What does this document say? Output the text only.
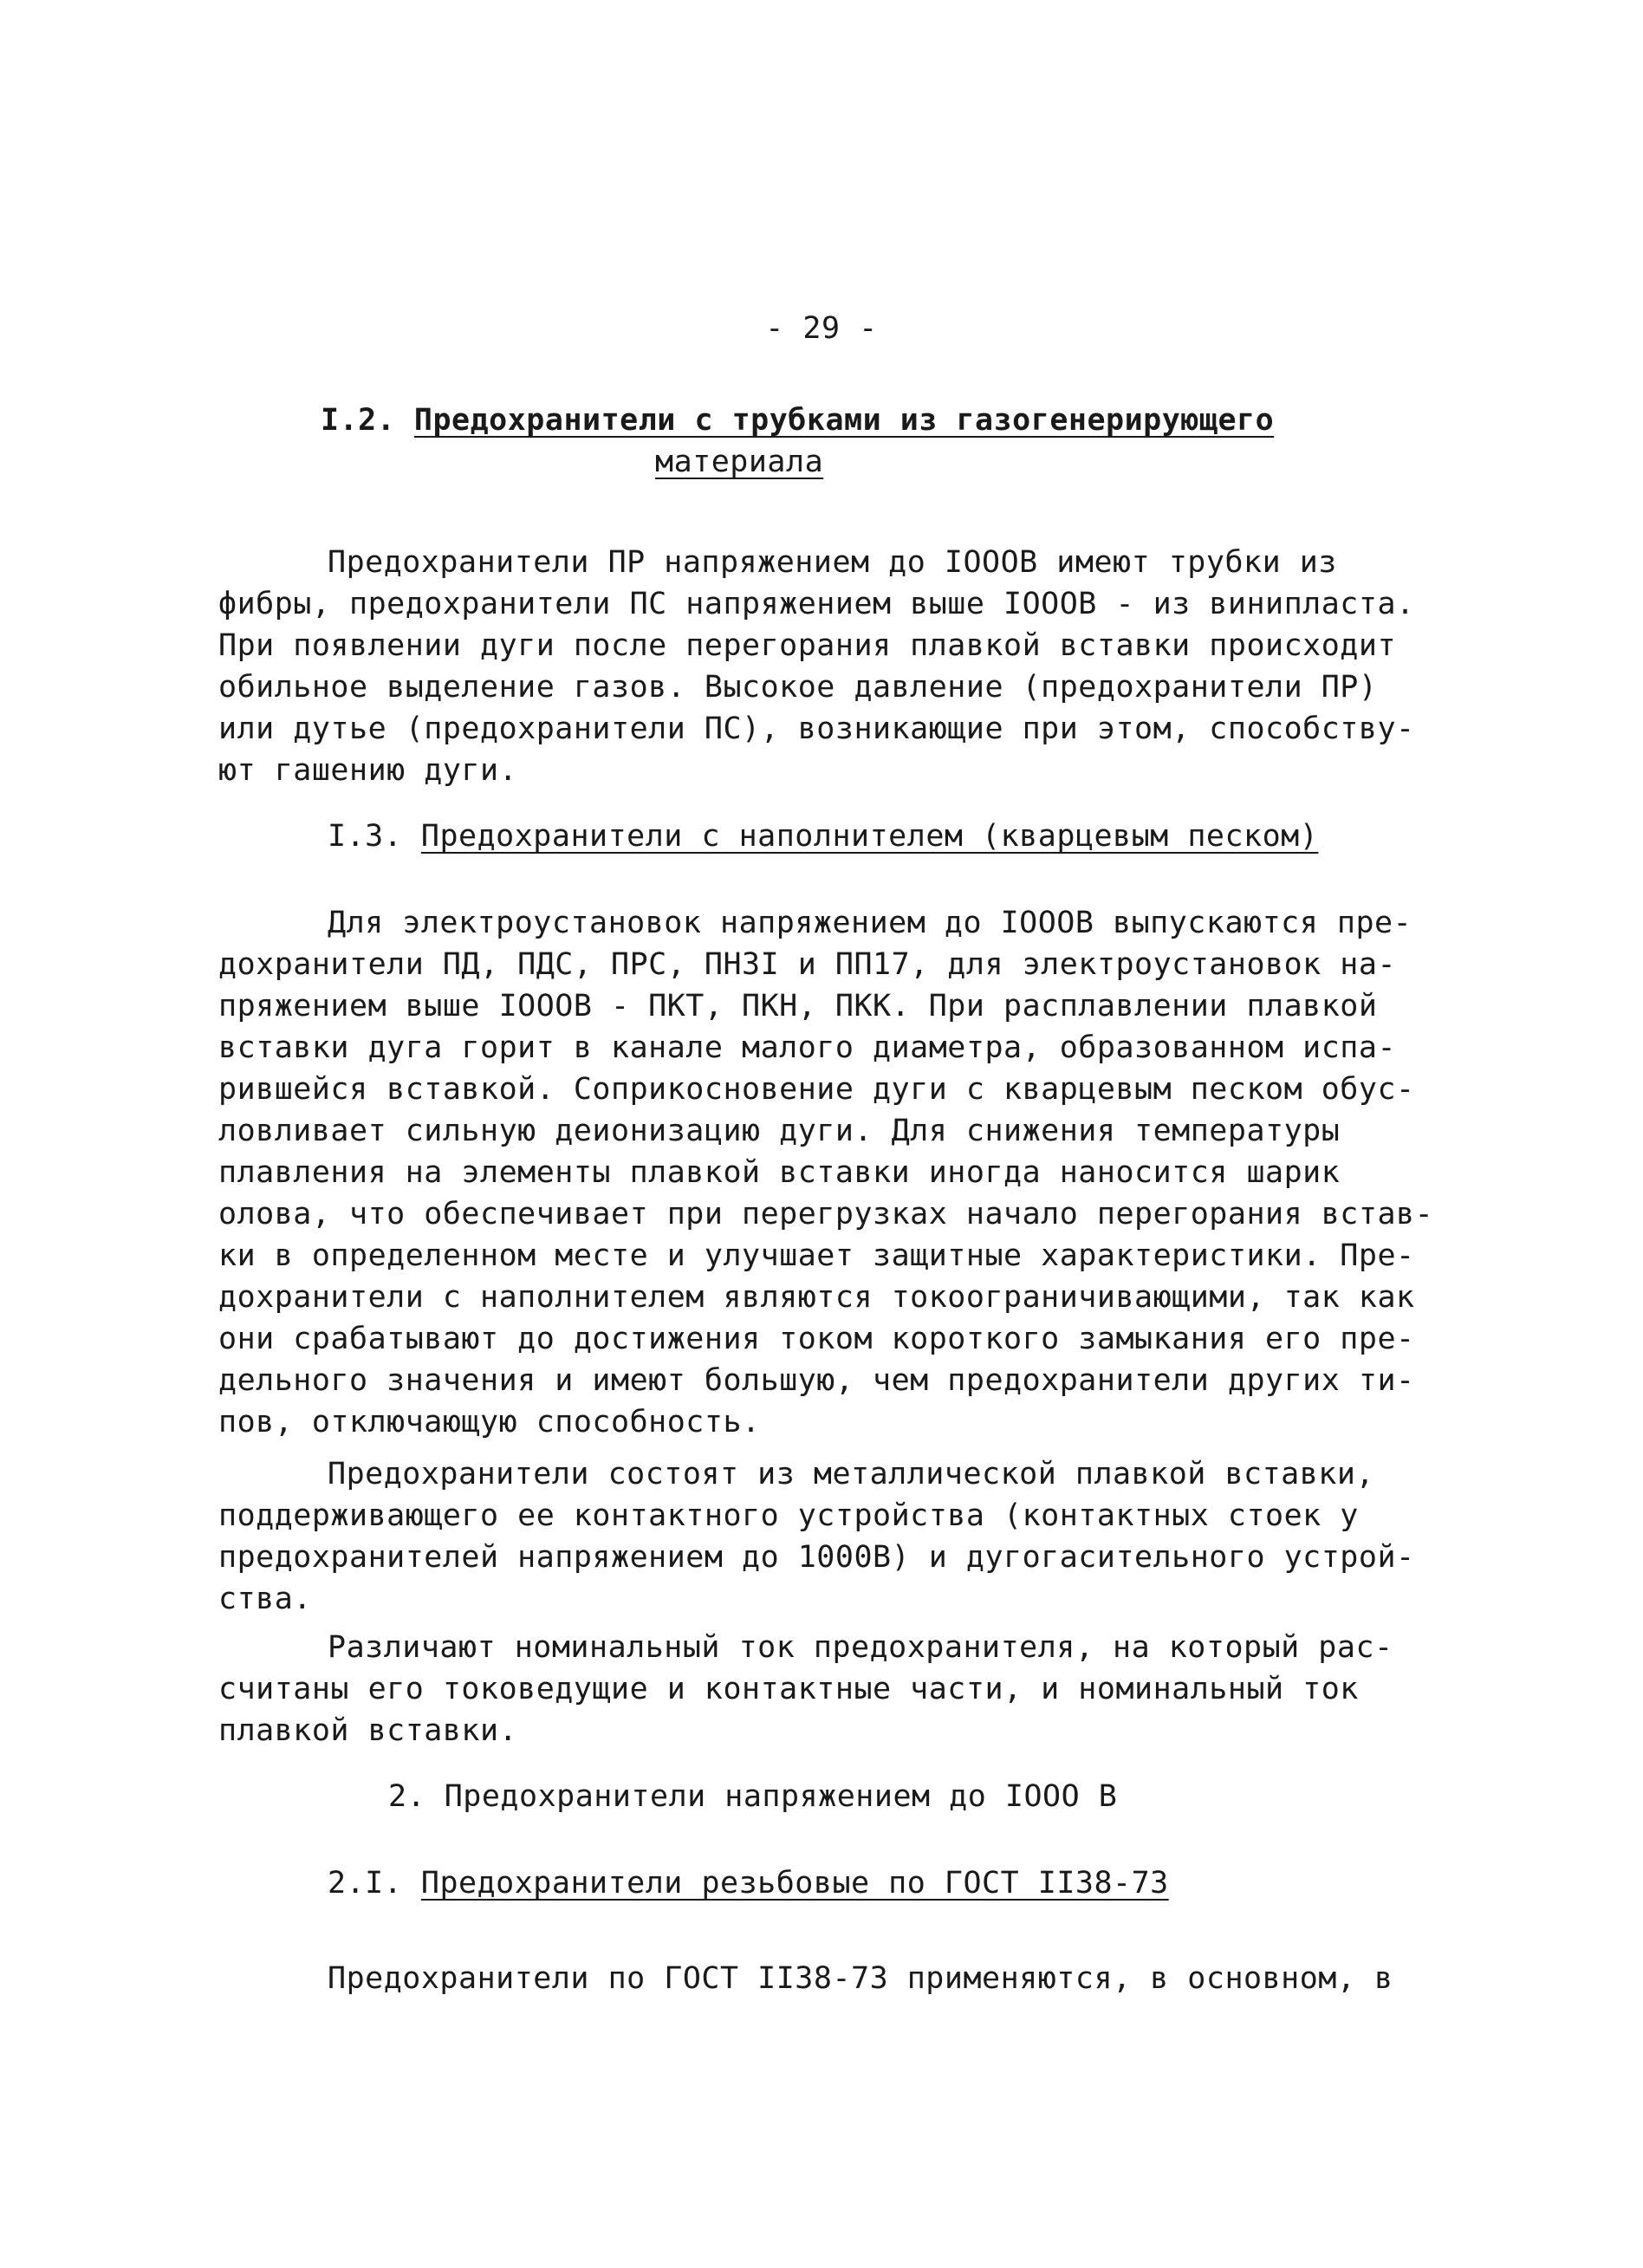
- 29 -
I.2. Предохранители с трубками из газогенерирующего
материала
Предохранители ПР напряжением до IOOOВ имеют трубки из
фибры, предохранители ПС напряжением выше IOOOВ - из винипласта.
При появлении дуги после перегорания плавкой вставки происходит
обильное выделение газов. Высокое давление (предохранители ПР)
или дутье (предохранители ПС), возникающие при этом, способству-
ют гашению дуги.
I.3. Предохранители с наполнителем (кварцевым песком)
Для электроустановок напряжением до IOOOВ выпускаются пре-
дохранители ПД, ПДС, ПРС, ПН3I и ПП17, для электроустановок на-
пряжением выше IOOOВ - ПКТ, ПКН, ПКК. При расплавлении плавкой
вставки дуга горит в канале малого диаметра, образованном испа-
рившейся вставкой. Соприкосновение дуги с кварцевым песком обус-
ловливает сильную деионизацию дуги. Для снижения температуры
плавления на элементы плавкой вставки иногда наносится шарик
олова, что обеспечивает при перегрузках начало перегорания встав-
ки в определенном месте и улучшает защитные характеристики. Пре-
дохранители с наполнителем являются токоограничивающими, так как
они срабатывают до достижения током короткого замыкания его пре-
дельного значения и имеют большую, чем предохранители других ти-
пов, отключающую способность.
Предохранители состоят из металлической плавкой вставки,
поддерживающего ее контактного устройства (контактных стоек у
предохранителей напряжением до 1000В) и дугогасительного устрой-
ства.
Различают номинальный ток предохранителя, на который рас-
считаны его токоведущие и контактные части, и номинальный ток
плавкой вставки.
2. Предохранители напряжением до IOOO В
2.I. Предохранители резьбовые по ГОСТ II38-73
Предохранители по ГОСТ II38-73 применяются, в основном, в
